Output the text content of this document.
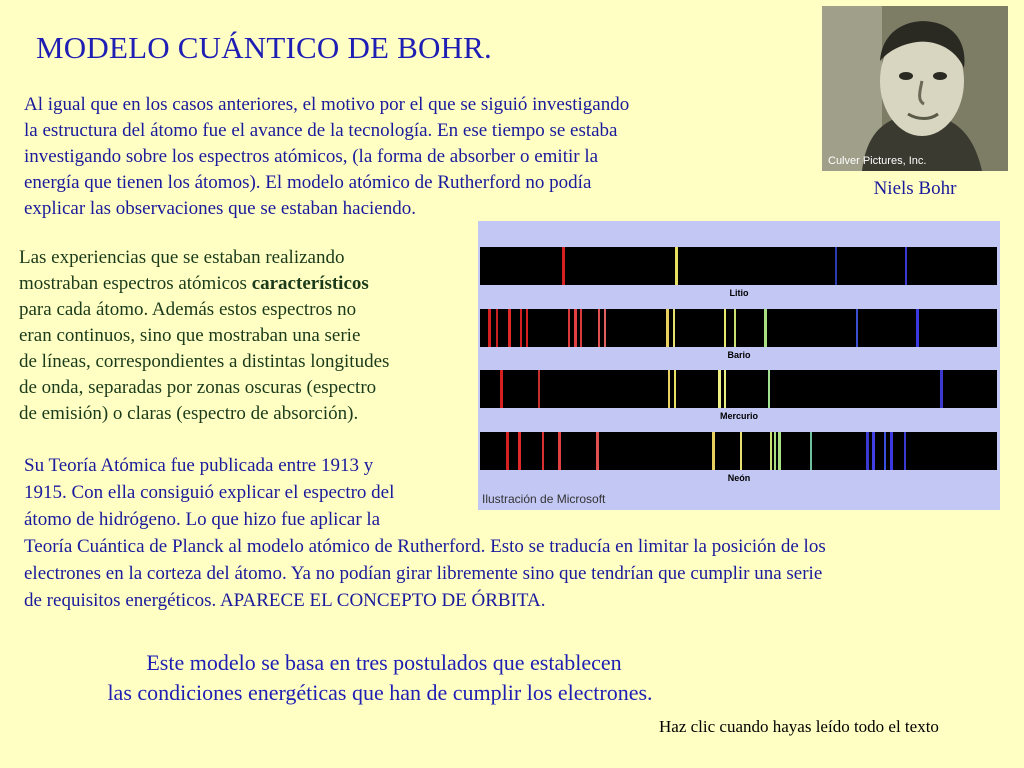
MODELO CUÁNTICO DE BOHR.
Al igual que en los casos anteriores, el motivo por el que se siguió investigando
la estructura del átomo fue el avance de la tecnología. En ese tiempo se estaba
investigando sobre los espectros atómicos, (la forma de absorber o emitir la
energía que tienen los átomos). El modelo atómico de Rutherford no podía
explicar las observaciones que se estaban haciendo.
Culver Pictures, Inc.
Niels Bohr
Las experiencias que se estaban realizando
mostraban espectros atómicos característicos
para cada átomo. Además estos espectros no
eran continuos, sino que mostraban una serie
de líneas, correspondientes a distintas longitudes
de onda, separadas por zonas oscuras (espectro
de emisión) o claras (espectro de absorción).
Litio
Bario
Mercurio
Neón
Ilustración de Microsoft
Su Teoría Atómica fue publicada entre 1913 y
1915. Con ella consiguió explicar el espectro del
átomo de hidrógeno. Lo que hizo fue aplicar la
Teoría Cuántica de Planck al modelo atómico de Rutherford. Esto se traducía en limitar la posición de los
electrones en la corteza del átomo. Ya no podían girar libremente sino que tendrían que cumplir una serie
de requisitos energéticos. APARECE EL CONCEPTO DE ÓRBITA.
Este modelo se basa en tres postulados que establecen
las condiciones energéticas que han de cumplir los electrones.
Haz clic cuando hayas leído todo el texto
